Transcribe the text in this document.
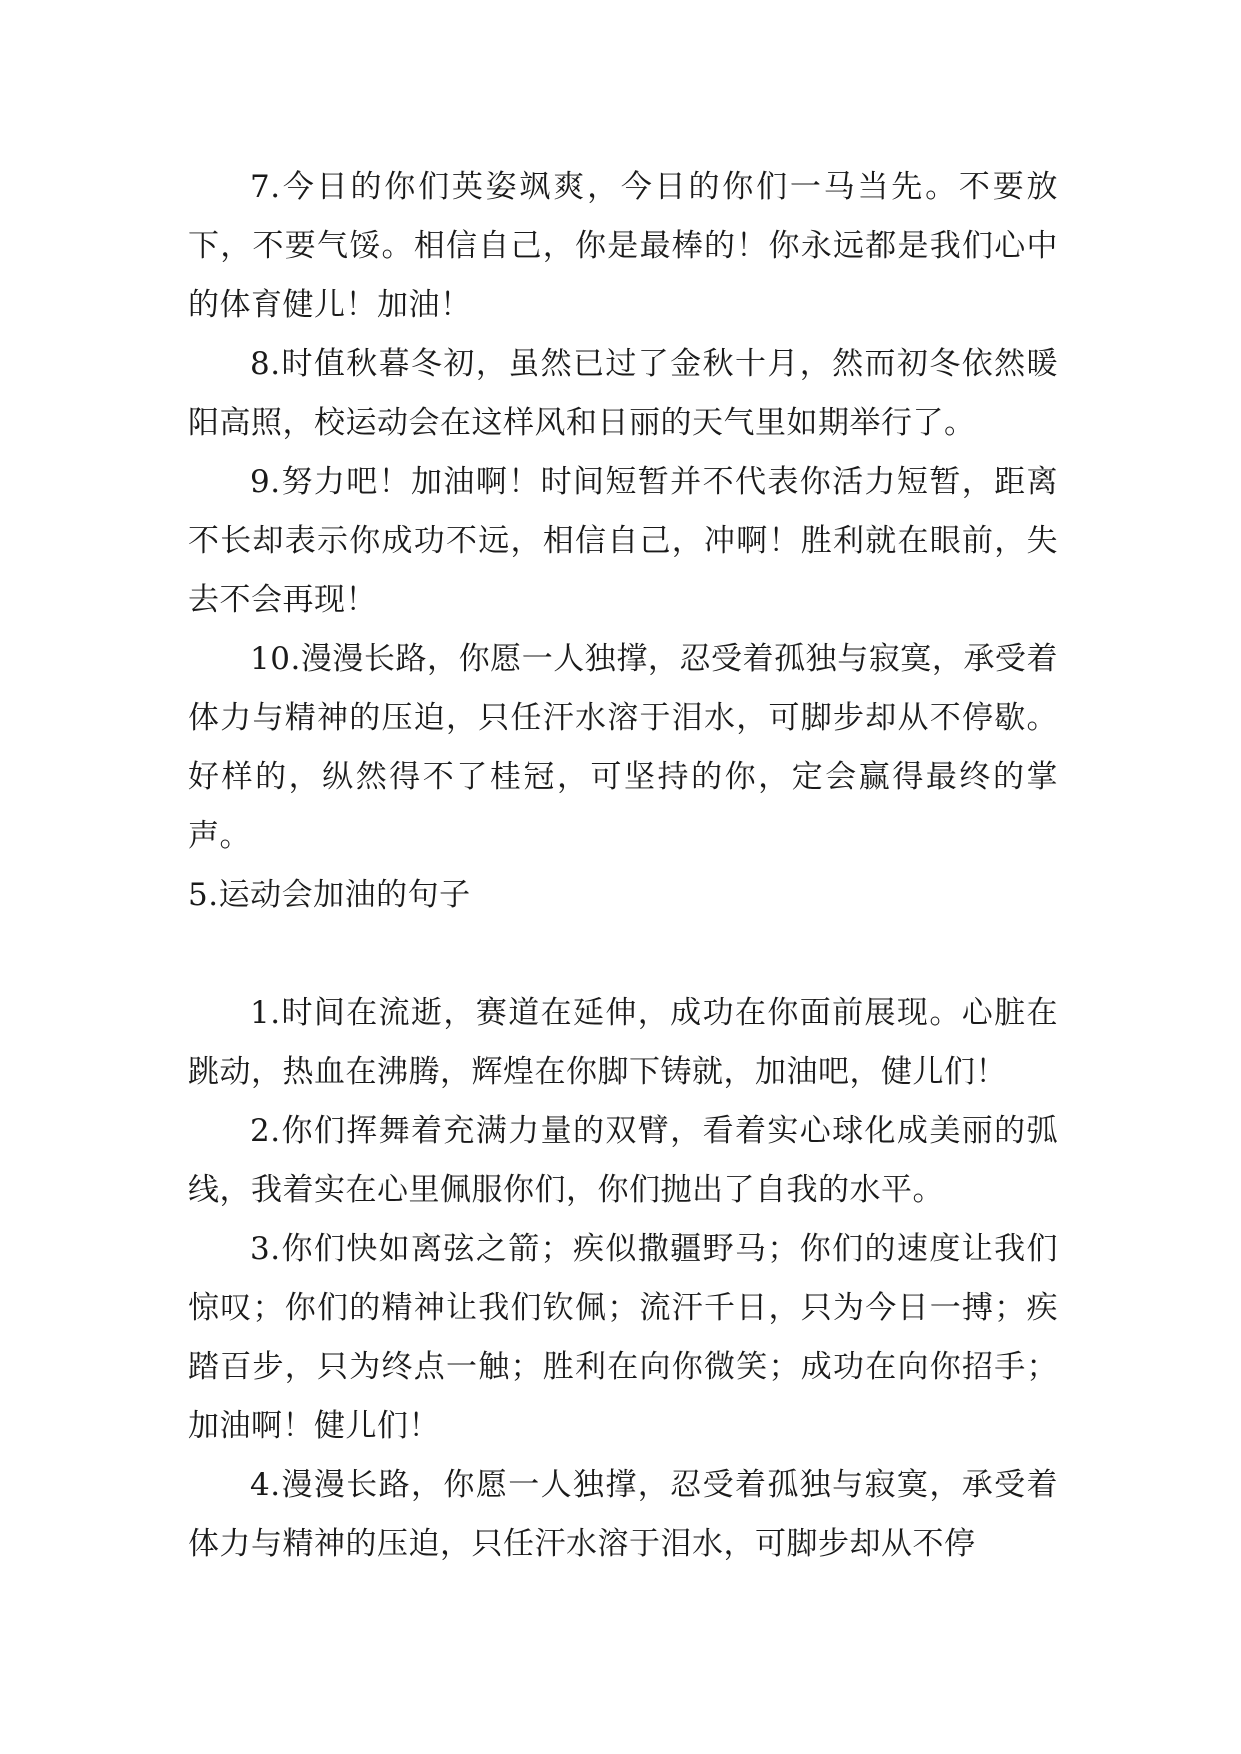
7.今日的你们英姿飒爽，今日的你们一马当先。不要放下，不要气馁。相信自己，你是最棒的！你永远都是我们心中的体育健儿！加油！

8.时值秋暮冬初，虽然已过了金秋十月，然而初冬依然暖阳高照，校运动会在这样风和日丽的天气里如期举行了。

9.努力吧！加油啊！时间短暂并不代表你活力短暂，距离不长却表示你成功不远，相信自己，冲啊！胜利就在眼前，失去不会再现！

10.漫漫长路，你愿一人独撑，忍受着孤独与寂寞，承受着体力与精神的压迫，只任汗水溶于泪水，可脚步却从不停歇。好样的，纵然得不了桂冠，可坚持的你，定会赢得最终的掌声。

5.运动会加油的句子

1.时间在流逝，赛道在延伸，成功在你面前展现。心脏在跳动，热血在沸腾，辉煌在你脚下铸就，加油吧，健儿们！

2.你们挥舞着充满力量的双臂，看着实心球化成美丽的弧线，我着实在心里佩服你们，你们抛出了自我的水平。

3.你们快如离弦之箭；疾似撒疆野马；你们的速度让我们惊叹；你们的精神让我们钦佩；流汗千日，只为今日一搏；疾踏百步，只为终点一触；胜利在向你微笑；成功在向你招手；加油啊！健儿们！

4.漫漫长路，你愿一人独撑，忍受着孤独与寂寞，承受着体力与精神的压迫，只任汗水溶于泪水，可脚步却从不停
